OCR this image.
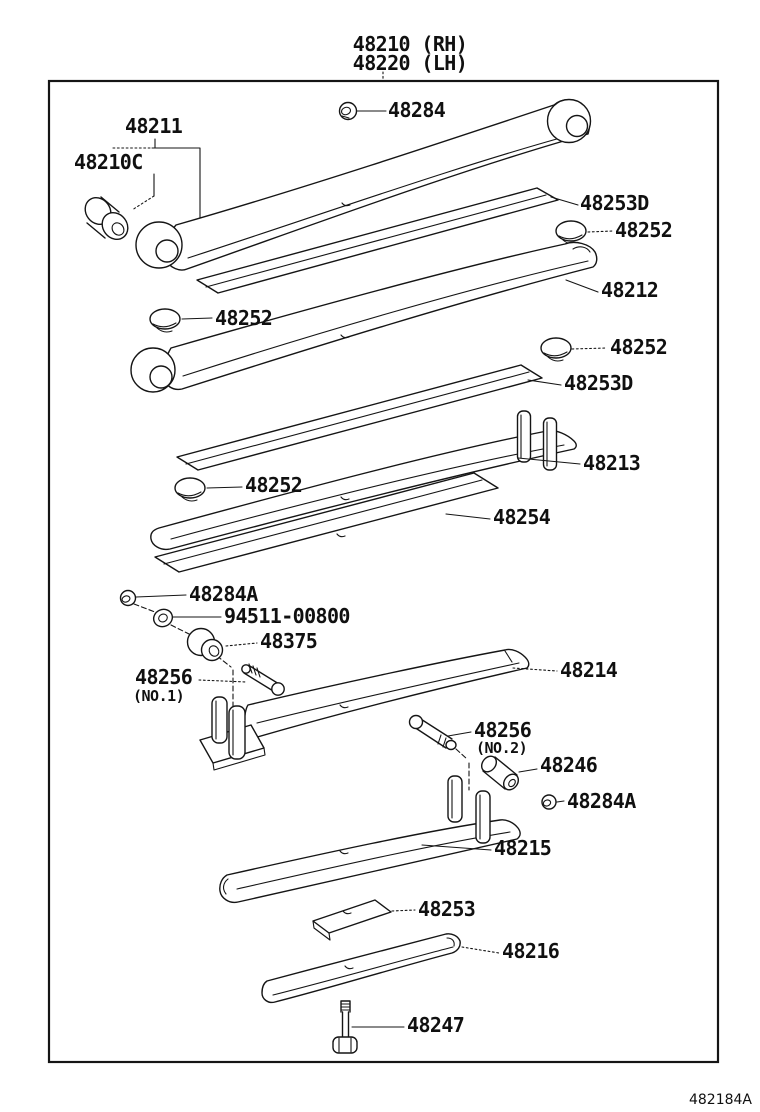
48210 (RH)
48220 (LH)
48284
48211
48210C
48253D
48252
48212
48252
48252
48253D
48213
48252
48254
48284A
94511-00800
48375
48256
(NO.1)
48214
48256
(NO.2)
48246
48284A
48215
48253
48216
48247
482184A
